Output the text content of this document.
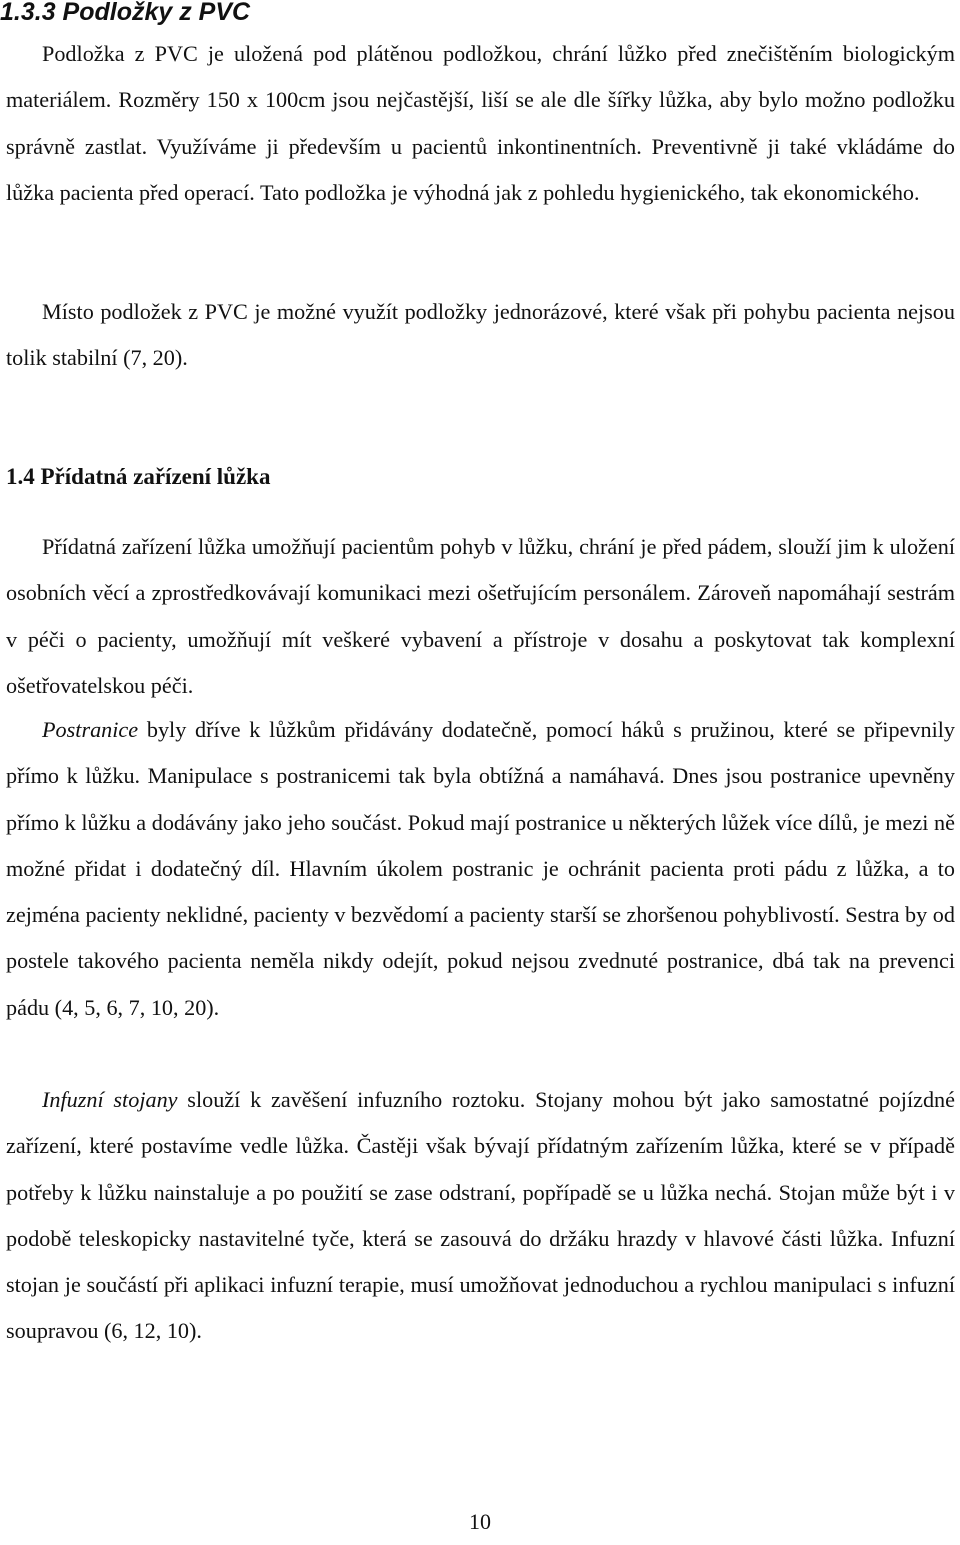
1.3.3 Podložky z PVC

Podložka z PVC je uložená pod plátěnou podložkou, chrání lůžko před znečištěním biologickým materiálem. Rozměry 150 x 100cm jsou nejčastější, liší se ale dle šířky lůžka, aby bylo možno podložku správně zastlat. Využíváme ji především u pacientů inkontinentních. Preventivně ji také vkládáme do lůžka pacienta před operací. Tato podložka je výhodná jak z pohledu hygienického, tak ekonomického.

Místo podložek z PVC je možné využít podložky jednorázové, které však při pohybu pacienta nejsou tolik stabilní (7, 20).

1.4 Přídatná zařízení lůžka

Přídatná zařízení lůžka umožňují pacientům pohyb v lůžku, chrání je před pádem, slouží jim k uložení osobních věcí a zprostředkovávají komunikaci mezi ošetřujícím personálem. Zároveň napomáhají sestrám v péči o pacienty, umožňují mít veškeré vybavení a přístroje v dosahu a poskytovat tak komplexní ošetřovatelskou péči.

Postranice byly dříve k lůžkům přidávány dodatečně, pomocí háků s pružinou, které se připevnily přímo k lůžku. Manipulace s postranicemi tak byla obtížná a namáhavá. Dnes jsou postranice upevněny přímo k lůžku a dodávány jako jeho součást. Pokud mají postranice u některých lůžek více dílů, je mezi ně možné přidat i dodatečný díl. Hlavním úkolem postranic je ochránit pacienta proti pádu z lůžka, a to zejména pacienty neklidné, pacienty v bezvědomí a pacienty starší se zhoršenou pohyblivostí. Sestra by od postele takového pacienta neměla nikdy odejít, pokud nejsou zvednuté postranice, dbá tak na prevenci pádu (4, 5, 6, 7, 10, 20).

Infuzní stojany slouží k zavěšení infuzního roztoku. Stojany mohou být jako samostatné pojízdné zařízení, které postavíme vedle lůžka. Častěji však bývají přídatným zařízením lůžka, které se v případě potřeby k lůžku nainstaluje a po použití se zase odstraní, popřípadě se u lůžka nechá. Stojan může být i v podobě teleskopicky nastavitelné tyče, která se zasouvá do držáku hrazdy v hlavové části lůžka. Infuzní stojan je součástí při aplikaci infuzní terapie, musí umožňovat jednoduchou a rychlou manipulaci s infuzní soupravou (6, 12, 10).

10
